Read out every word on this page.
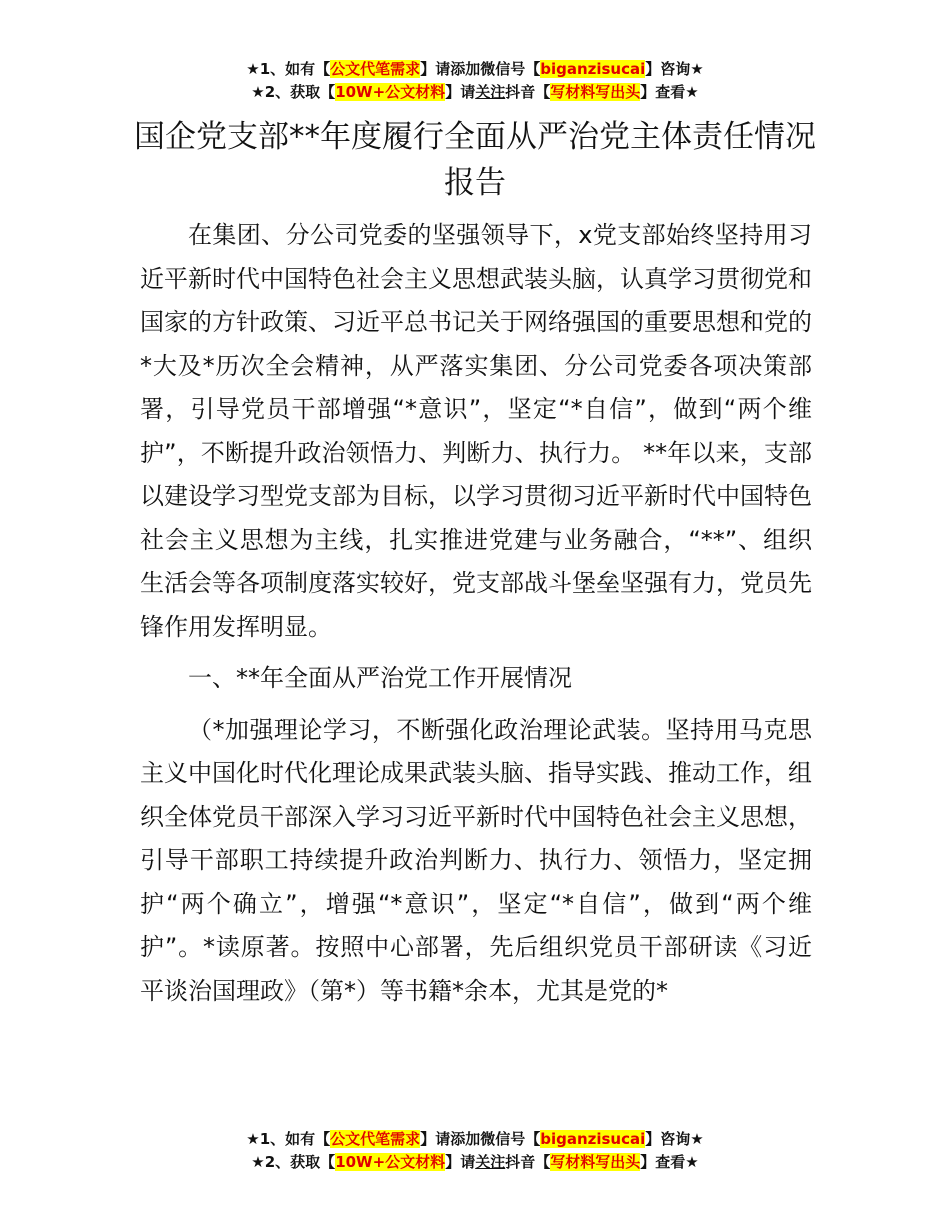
★1、如有【公文代笔需求】请添加微信号【biganzisucai】咨询★
★2、获取【10W+公文材料】请关注抖音【写材料写出头】查看★
国企党支部**年度履行全面从严治党主体责任情况报告

在集团、分公司党委的坚强领导下，x党支部始终坚持用习近平新时代中国特色社会主义思想武装头脑，认真学习贯彻党和国家的方针政策、习近平总书记关于网络强国的重要思想和党的*大及*历次全会精神，从严落实集团、分公司党委各项决策部署，引导党员干部增强“*意识”，坚定“*自信”，做到“两个维护”，不断提升政治领悟力、判断力、执行力。 **年以来，支部以建设学习型党支部为目标，以学习贯彻习近平新时代中国特色社会主义思想为主线，扎实推进党建与业务融合，“**”、组织生活会等各项制度落实较好，党支部战斗堡垒坚强有力，党员先锋作用发挥明显。

一、**年全面从严治党工作开展情况

（*加强理论学习，不断强化政治理论武装。坚持用马克思主义中国化时代化理论成果武装头脑、指导实践、推动工作，组织全体党员干部深入学习习近平新时代中国特色社会主义思想，引导干部职工持续提升政治判断力、执行力、领悟力，坚定拥护“两个确立”，增强“*意识”，坚定“*自信”，做到“两个维护”。*读原著。按照中心部署，先后组织党员干部研读《习近平谈治国理政》（第*）等书籍*余本，尤其是党的*

★1、如有【公文代笔需求】请添加微信号【biganzisucai】咨询★
★2、获取【10W+公文材料】请关注抖音【写材料写出头】查看★
